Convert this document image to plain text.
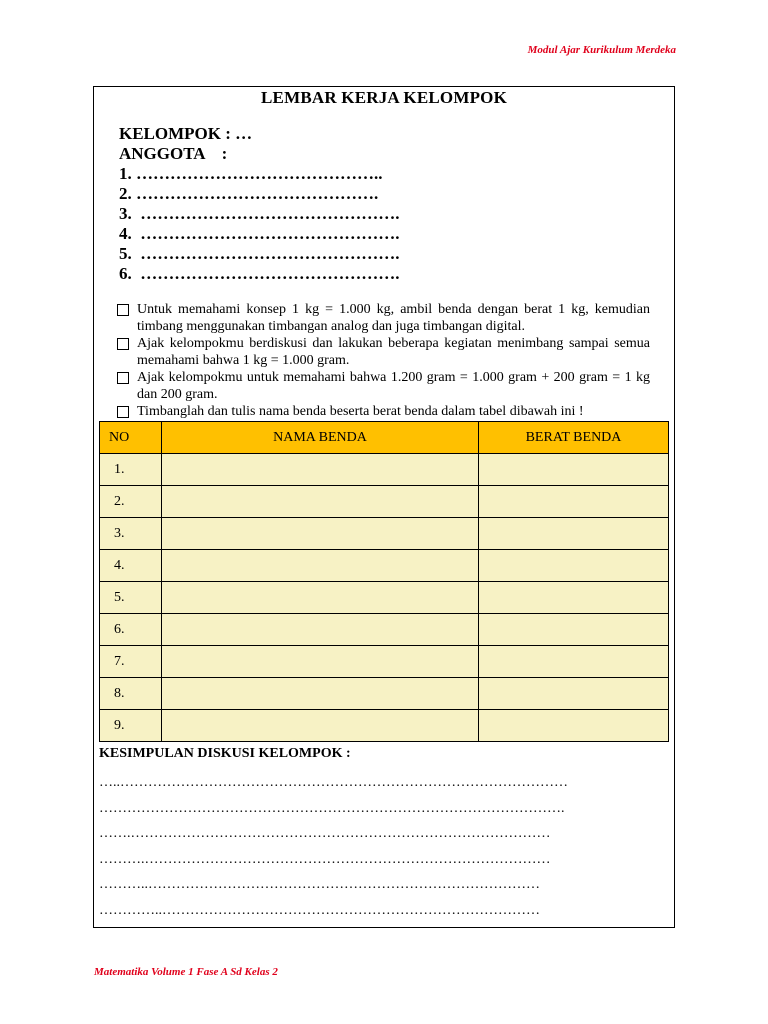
Modul Ajar Kurikulum Merdeka
LEMBAR KERJA KELOMPOK
KELOMPOK : …
ANGGOTA    :
1. ……………………………………..
2. …………………………………….
3.  ……………………………………….
4.  ……………………………………….
5.  ……………………………………….
6.  ……………………………………….
Untuk memahami konsep 1 kg = 1.000 kg, ambil benda dengan berat 1 kg, kemudian timbang menggunakan timbangan analog dan juga timbangan digital.
Ajak kelompokmu berdiskusi dan lakukan beberapa kegiatan menimbang sampai semua memahami bahwa 1 kg = 1.000 gram.
Ajak kelompokmu untuk memahami bahwa 1.200 gram = 1.000 gram + 200 gram = 1 kg dan 200 gram.
Timbanglah dan tulis nama benda beserta berat benda dalam tabel dibawah ini !
NO	NAMA BENDA	BERAT BENDA
1.		
2.		
3.		
4.		
5.		
6.		
7.		
8.		
9.		
KESIMPULAN DISKUSI KELOMPOK :
…..……………………………………………………………………………………
……………………………………………………………………………………….
…….………………………………………………………………………………
……….……………………………………………………………………………
………..…………………………………………………………………………
…………..………………………………………………………………………
Matematika Volume 1 Fase A Sd Kelas 2
